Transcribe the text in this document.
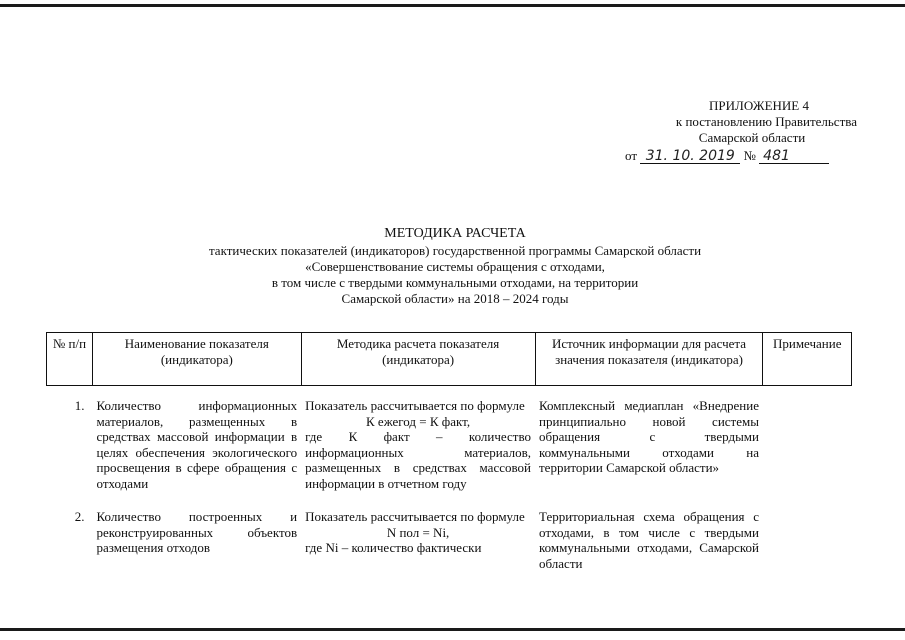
ПРИЛОЖЕНИЕ 4
к постановлению Правительства
Самарской области
от 31. 10. 2019 № 481
МЕТОДИКА РАСЧЕТА
тактических показателей (индикаторов) государственной программы Самарской области
«Совершенствование системы обращения с отходами,
в том числе с твердыми коммунальными отходами, на территории
Самарской области» на 2018 – 2024 годы
№ п/п	Наименование показателя (индикатора)	Методика расчета показателя (индикатора)	Источник информации для расчета значения показателя (индикатора)	Примечание
1.	Количество информационных материалов, размещенных в средствах массовой информации в целях обеспечения экологического просвещения в сфере обращения с отходами	Показатель рассчитывается по формуле
К ежегод = К факт,
где К факт – количество информационных материалов, размещенных в средствах массовой информации в отчетном году	Комплексный медиаплан «Внедрение принципиально новой системы обращения с твердыми коммунальными отходами на территории Самарской области»	
2.	Количество построенных и реконструированных объектов размещения отходов	Показатель рассчитывается по формуле
N пол = Ni,
где Ni – количество фактически	Территориальная схема обращения с отходами, в том числе с твердыми коммунальными отходами, Самарской области	
